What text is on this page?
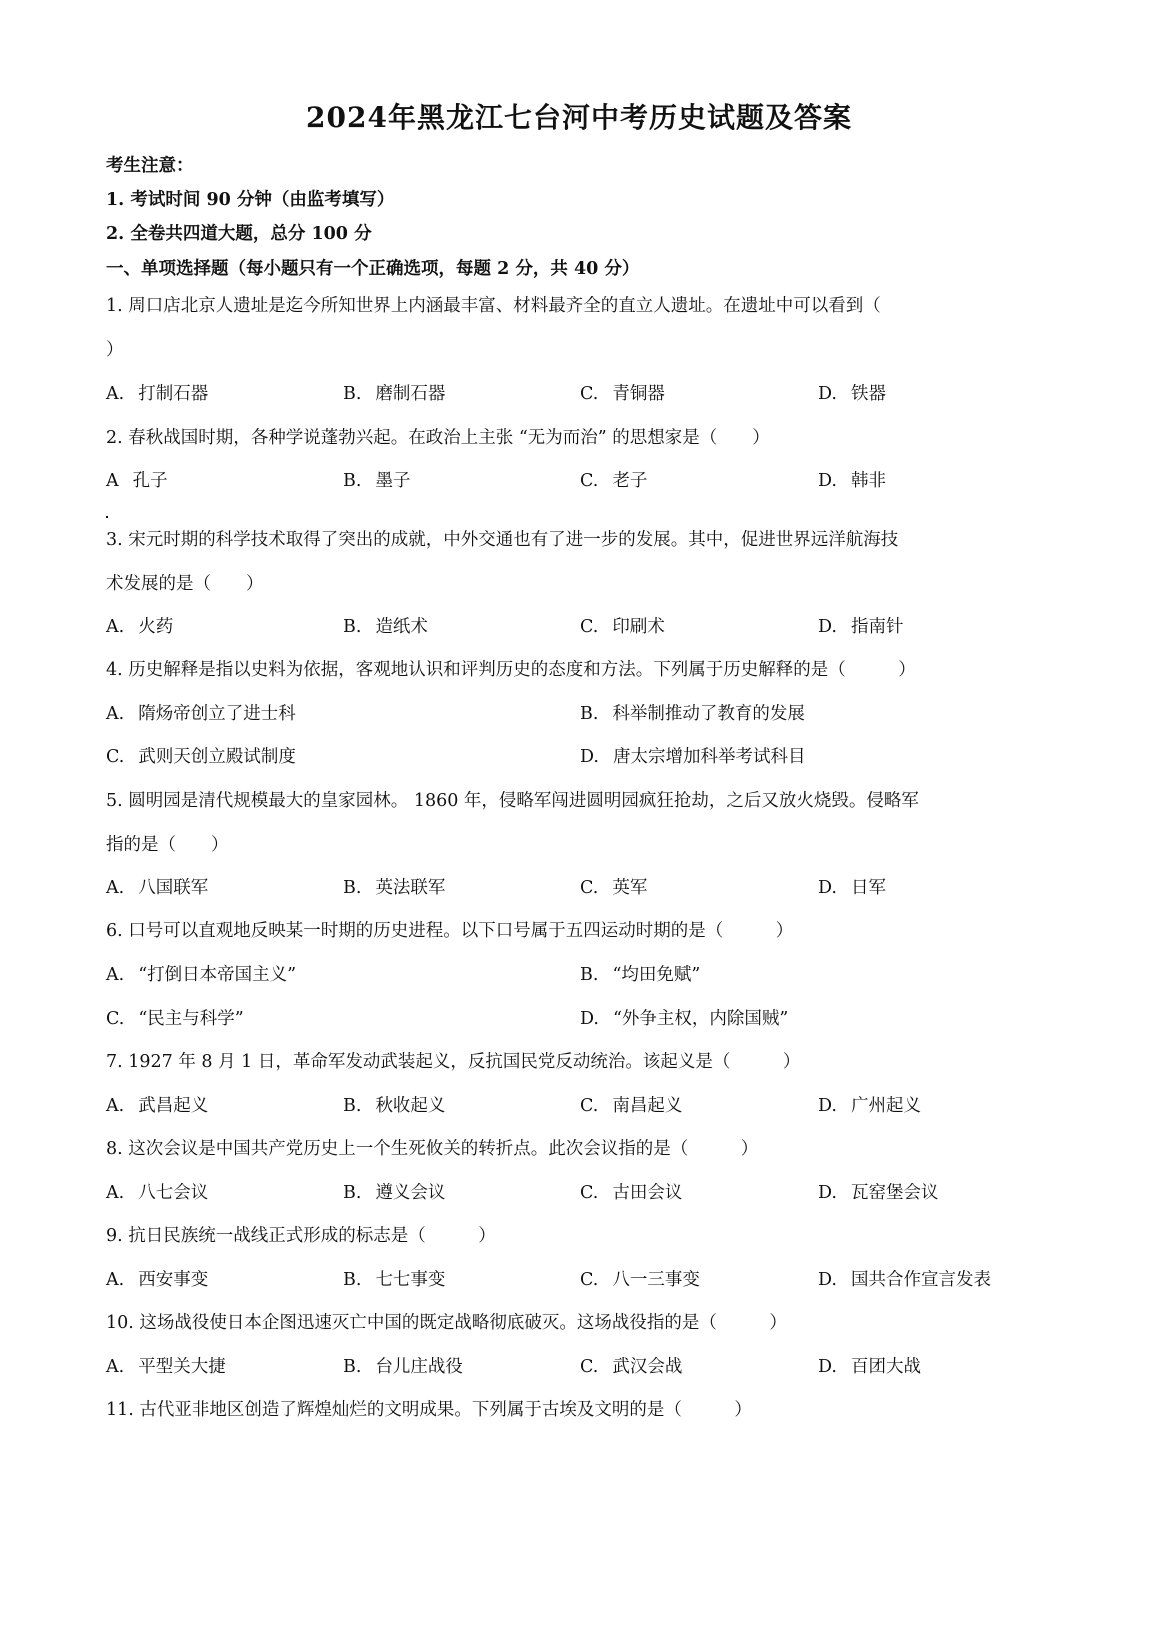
2024年黑龙江七台河中考历史试题及答案
考生注意：
1. 考试时间 90 分钟（由监考填写）
2. 全卷共四道大题，总分 100 分
一、单项选择题（每小题只有一个正确选项，每题 2 分，共 40 分）
1. 周口店北京人遗址是迄今所知世界上内涵最丰富、材料最齐全的直立人遗址。在遗址中可以看到（
）
A. 打制石器	B. 磨制石器	C. 青铜器	D. 铁器
2. 春秋战国时期，各种学说蓬勃兴起。在政治上主张 “无为而治” 的思想家是（　　）
A 孔子	B. 墨子	C. 老子	D. 韩非
3. 宋元时期的科学技术取得了突出的成就，中外交通也有了进一步的发展。其中，促进世界远洋航海技
术发展的是（　　）
A. 火药	B. 造纸术	C. 印刷术	D. 指南针
4. 历史解释是指以史料为依据，客观地认识和评判历史的态度和方法。下列属于历史解释的是（　　　）
A. 隋炀帝创立了进士科	B. 科举制推动了教育的发展
C. 武则天创立殿试制度	D. 唐太宗增加科举考试科目
5. 圆明园是清代规模最大的皇家园林。 1860 年，侵略军闯进圆明园疯狂抢劫，之后又放火烧毁。侵略军
指的是（　　）
A. 八国联军	B. 英法联军	C. 英军	D. 日军
6. 口号可以直观地反映某一时期的历史进程。以下口号属于五四运动时期的是（　　　）
A. “打倒日本帝国主义”	B. “均田免赋”
C. “民主与科学”	D. “外争主权，内除国贼”
7. 1927 年 8 月 1 日，革命军发动武装起义，反抗国民党反动统治。该起义是（　　　）
A. 武昌起义	B. 秋收起义	C. 南昌起义	D. 广州起义
8. 这次会议是中国共产党历史上一个生死攸关的转折点。此次会议指的是（　　　）
A. 八七会议	B. 遵义会议	C. 古田会议	D. 瓦窑堡会议
9. 抗日民族统一战线正式形成的标志是（　　　）
A. 西安事变	B. 七七事变	C. 八一三事变	D. 国共合作宣言发表
10. 这场战役使日本企图迅速灭亡中国的既定战略彻底破灭。这场战役指的是（　　　）
A. 平型关大捷	B. 台儿庄战役	C. 武汉会战	D. 百团大战
11. 古代亚非地区创造了辉煌灿烂的文明成果。下列属于古埃及文明的是（　　　）
